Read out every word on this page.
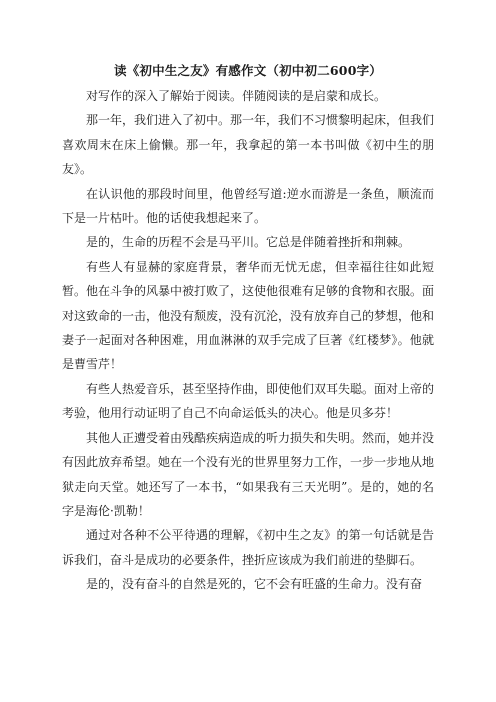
读《初中生之友》有感作文（初中初二600字）

对写作的深入了解始于阅读。伴随阅读的是启蒙和成长。

那一年，我们进入了初中。那一年，我们不习惯黎明起床，但我们喜欢周末在床上偷懒。那一年，我拿起的第一本书叫做《初中生的朋友》。

在认识他的那段时间里，他曾经写道:逆水而游是一条鱼，顺流而下是一片枯叶。他的话使我想起来了。

是的，生命的历程不会是马平川。它总是伴随着挫折和荆棘。

有些人有显赫的家庭背景，奢华而无忧无虑，但幸福往往如此短暂。他在斗争的风暴中被打败了，这使他很难有足够的食物和衣服。面对这致命的一击，他没有颓废，没有沉沦，没有放弃自己的梦想，他和妻子一起面对各种困难，用血淋淋的双手完成了巨著《红楼梦》。他就是曹雪芹！

有些人热爱音乐，甚至坚持作曲，即使他们双耳失聪。面对上帝的考验，他用行动证明了自己不向命运低头的决心。他是贝多芬！

其他人正遭受着由残酷疾病造成的听力损失和失明。然而，她并没有因此放弃希望。她在一个没有光的世界里努力工作，一步一步地从地狱走向天堂。她还写了一本书，“如果我有三天光明”。是的，她的名字是海伦·凯勒！

通过对各种不公平待遇的理解，《初中生之友》的第一句话就是告诉我们，奋斗是成功的必要条件，挫折应该成为我们前进的垫脚石。

是的，没有奋斗的自然是死的，它不会有旺盛的生命力。没有奋
